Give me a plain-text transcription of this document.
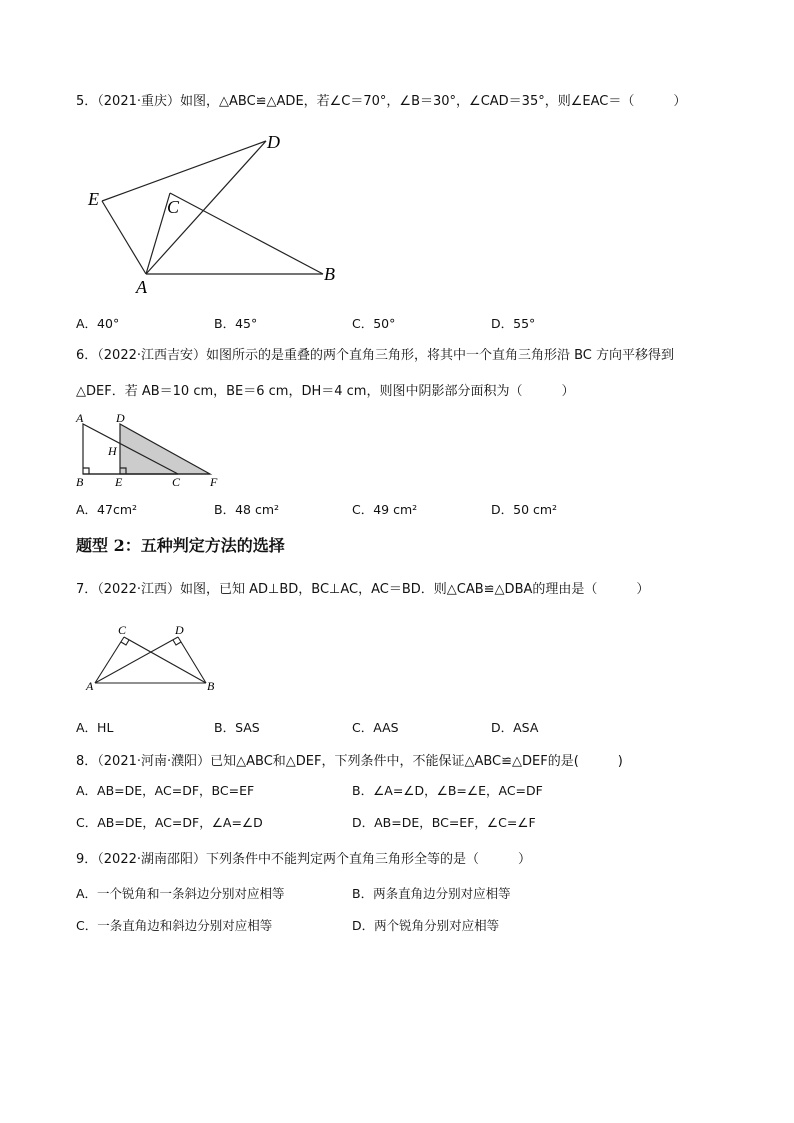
5．（2021·重庆）如图，△ABC≌△ADE，若∠C＝70°，∠B＝30°，∠CAD＝35°，则∠EAC＝（　　　）
D
E	C
A
B
A．40°	B．45°	C．50°	D．55°
6．（2022·江西吉安）如图所示的是重叠的两个直角三角形，将其中一个直角三角形沿 BC 方向平移得到
△DEF．若 AB＝10 cm，BE＝6 cm，DH＝4 cm，则图中阴影部分面积为（　　　）
A	D
H
B	E	C F
A．47cm²	B．48 cm²	C．49 cm²	D．50 cm²
题型 2：五种判定方法的选择
7．（2022·江西）如图，已知 AD⊥BD，BC⊥AC，AC＝BD．则△CAB≌△DBA的理由是（　　　）
C	D
A	B
A．HL	B．SAS	C．AAS	D．ASA
8．（2021·河南·濮阳）已知△ABC和△DEF，下列条件中，不能保证△ABC≌△DEF的是(　　　)
A．AB=DE，AC=DF，BC=EF	B．∠A=∠D，∠B=∠E，AC=DF
C．AB=DE，AC=DF，∠A=∠D	D．AB=DE，BC=EF，∠C=∠F
9．（2022·湖南邵阳）下列条件中不能判定两个直角三角形全等的是（　　　）
A．一个锐角和一条斜边分别对应相等	B．两条直角边分别对应相等
C．一条直角边和斜边分别对应相等	D．两个锐角分别对应相等
